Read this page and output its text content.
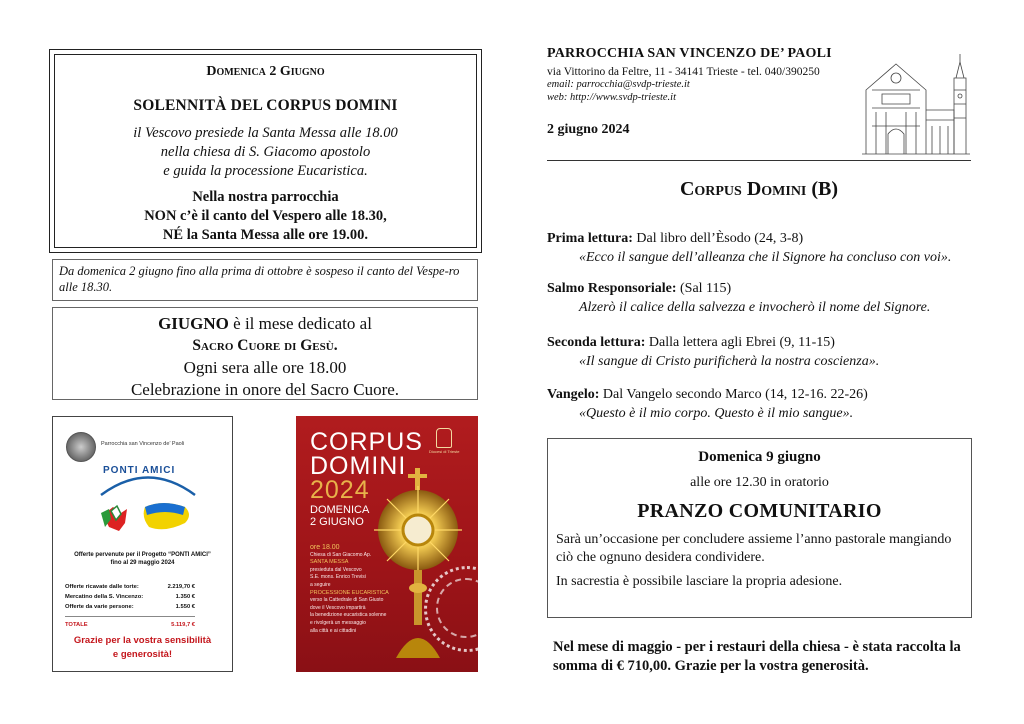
Domenica 2 Giugno
SOLENNITÀ DEL CORPUS DOMINI
il Vescovo presiede la Santa Messa alle 18.00
nella chiesa di S. Giacomo apostolo
e guida la processione Eucaristica.
Nella nostra parrocchia
NON c’è il canto del Vespero alle 18.30,
NÉ la Santa Messa alle ore 19.00.
Da domenica 2 giugno fino alla prima di ottobre è sospeso il canto del Vespe-ro alle 18.30.
GIUGNO è il mese dedicato al
Sacro Cuore di Gesù.
Ogni sera alle ore 18.00
Celebrazione in onore del Sacro Cuore.
Parrocchia san Vincenzo de’ Paoli
PONTI AMICI
Offerte pervenute per il Progetto “PONTI AMICI”
fino al 29 maggio 2024
Offerte ricavate dalle torte:	2.219,70 €
Mercatino della S. Vincenzo:	1.350 €
Offerte da varie persone:	1.550 €
TOTALE	5.119,7 €
Grazie per la vostra sensibilità
e generosità!
CORPUS
DOMINI
2024
Diocesi di Trieste
DOMENICA
2 GIUGNO
ore 18.00
Chiesa di San Giacomo Ap.
SANTA MESSA
presieduta dal Vescovo
S.E. mons. Enrico Trevisi
a seguire
PROCESSIONE EUCARISTICA
verso la Cattedrale di San Giusto
dove il Vescovo impartirà
la benedizione eucaristica solenne
e rivolgerà un messaggio
alla città e ai cittadini
PARROCCHIA SAN VINCENZO DE’ PAOLI
via Vittorino da Feltre, 11 - 34141 Trieste - tel. 040/390250
email: parrocchia@svdp-trieste.it
web: http://www.svdp-trieste.it
2 giugno 2024
Corpus Domini (B)
Prima lettura: Dal libro dell’Èsodo (24, 3-8)
«Ecco il sangue dell’alleanza che il Signore ha concluso con voi».
Salmo Responsoriale: (Sal 115)
Alzerò il calice della salvezza e invocherò il nome del Signore.
Seconda lettura: Dalla lettera agli Ebrei (9, 11-15)
«Il sangue di Cristo purificherà la nostra coscienza».
Vangelo: Dal Vangelo secondo Marco (14, 12-16. 22-26)
«Questo è il mio corpo. Questo è il mio sangue».
Domenica 9 giugno
alle ore 12.30 in oratorio
PRANZO COMUNITARIO
Sarà un’occasione per concludere assieme l’anno pastorale mangiando ciò che ognuno desidera condividere.
In sacrestia è possibile lasciare la propria adesione.
Nel mese di maggio - per i restauri della chiesa - è stata raccolta la somma di € 710,00. Grazie per la vostra generosità.
